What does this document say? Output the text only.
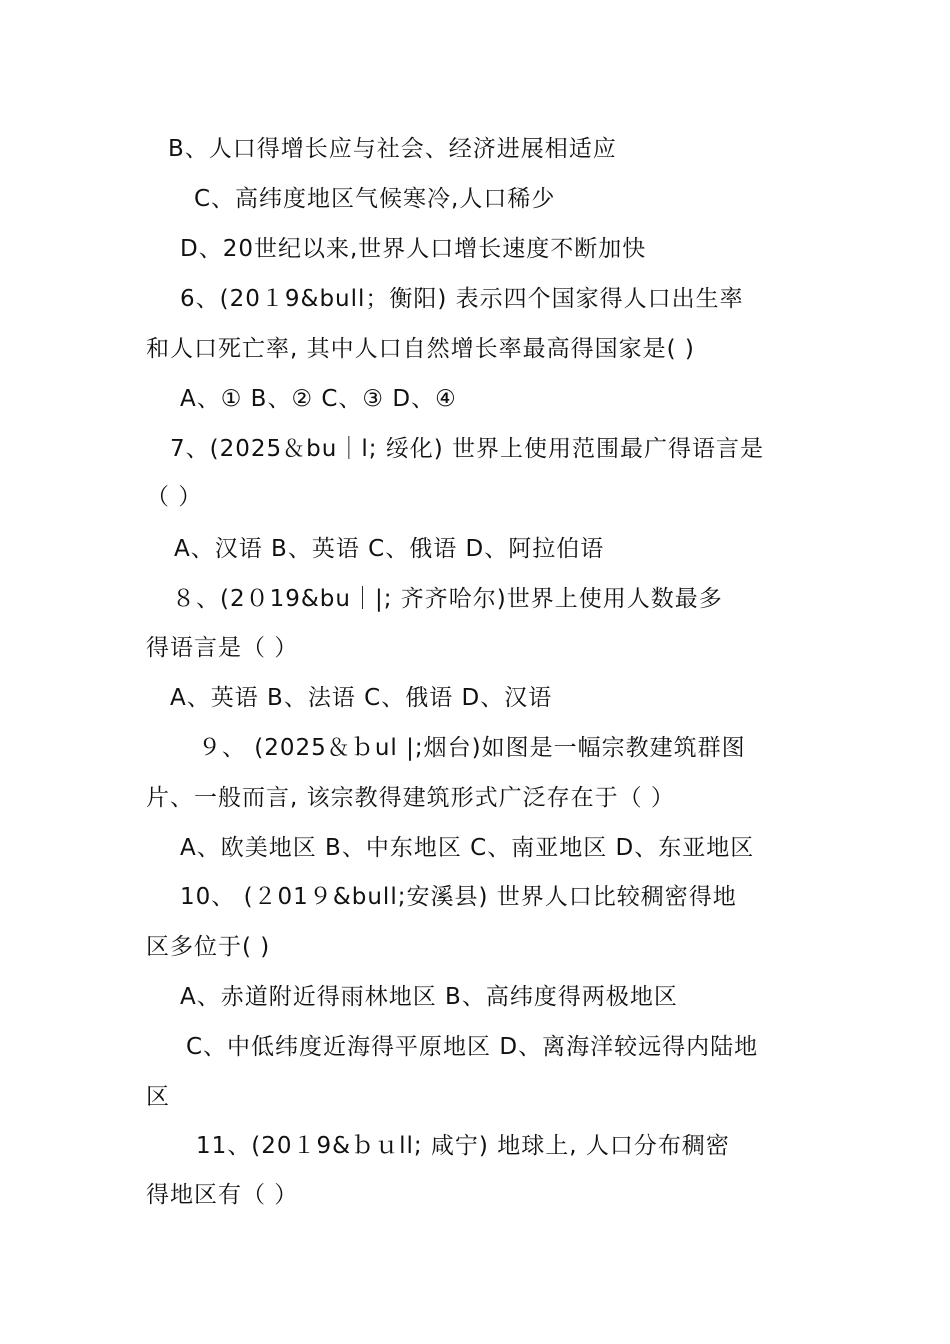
B、人口得增长应与社会、经济进展相适应
C、高纬度地区气候寒冷,人口稀少
D、20世纪以来,世界人口增长速度不断加快
6、(20１9&bull；衡阳) 表示四个国家得人口出生率
和人口死亡率, 其中人口自然增长率最高得国家是( )
A、① B、② C、③ D、④
7、(2025＆bu｜l; 绥化) 世界上使用范围最广得语言是
（ ）
A、汉语 B、英语 C、俄语 D、阿拉伯语
８、(2０19&bu｜|; 齐齐哈尔)世界上使用人数最多
得语言是（ ）
A、英语 B、法语 C、俄语 D、汉语
９、 (2025＆ｂul |;烟台)如图是一幅宗教建筑群图
片、一般而言, 该宗教得建筑形式广泛存在于（ ）
A、欧美地区 B、中东地区 C、南亚地区 D、东亚地区
10、 (２01９&bull;安溪县) 世界人口比较稠密得地
区多位于( )
A、赤道附近得雨林地区 B、高纬度得两极地区
C、中低纬度近海得平原地区 D、离海洋较远得内陆地
区
11、(20１9&ｂｕll; 咸宁) 地球上, 人口分布稠密
得地区有（ ）
